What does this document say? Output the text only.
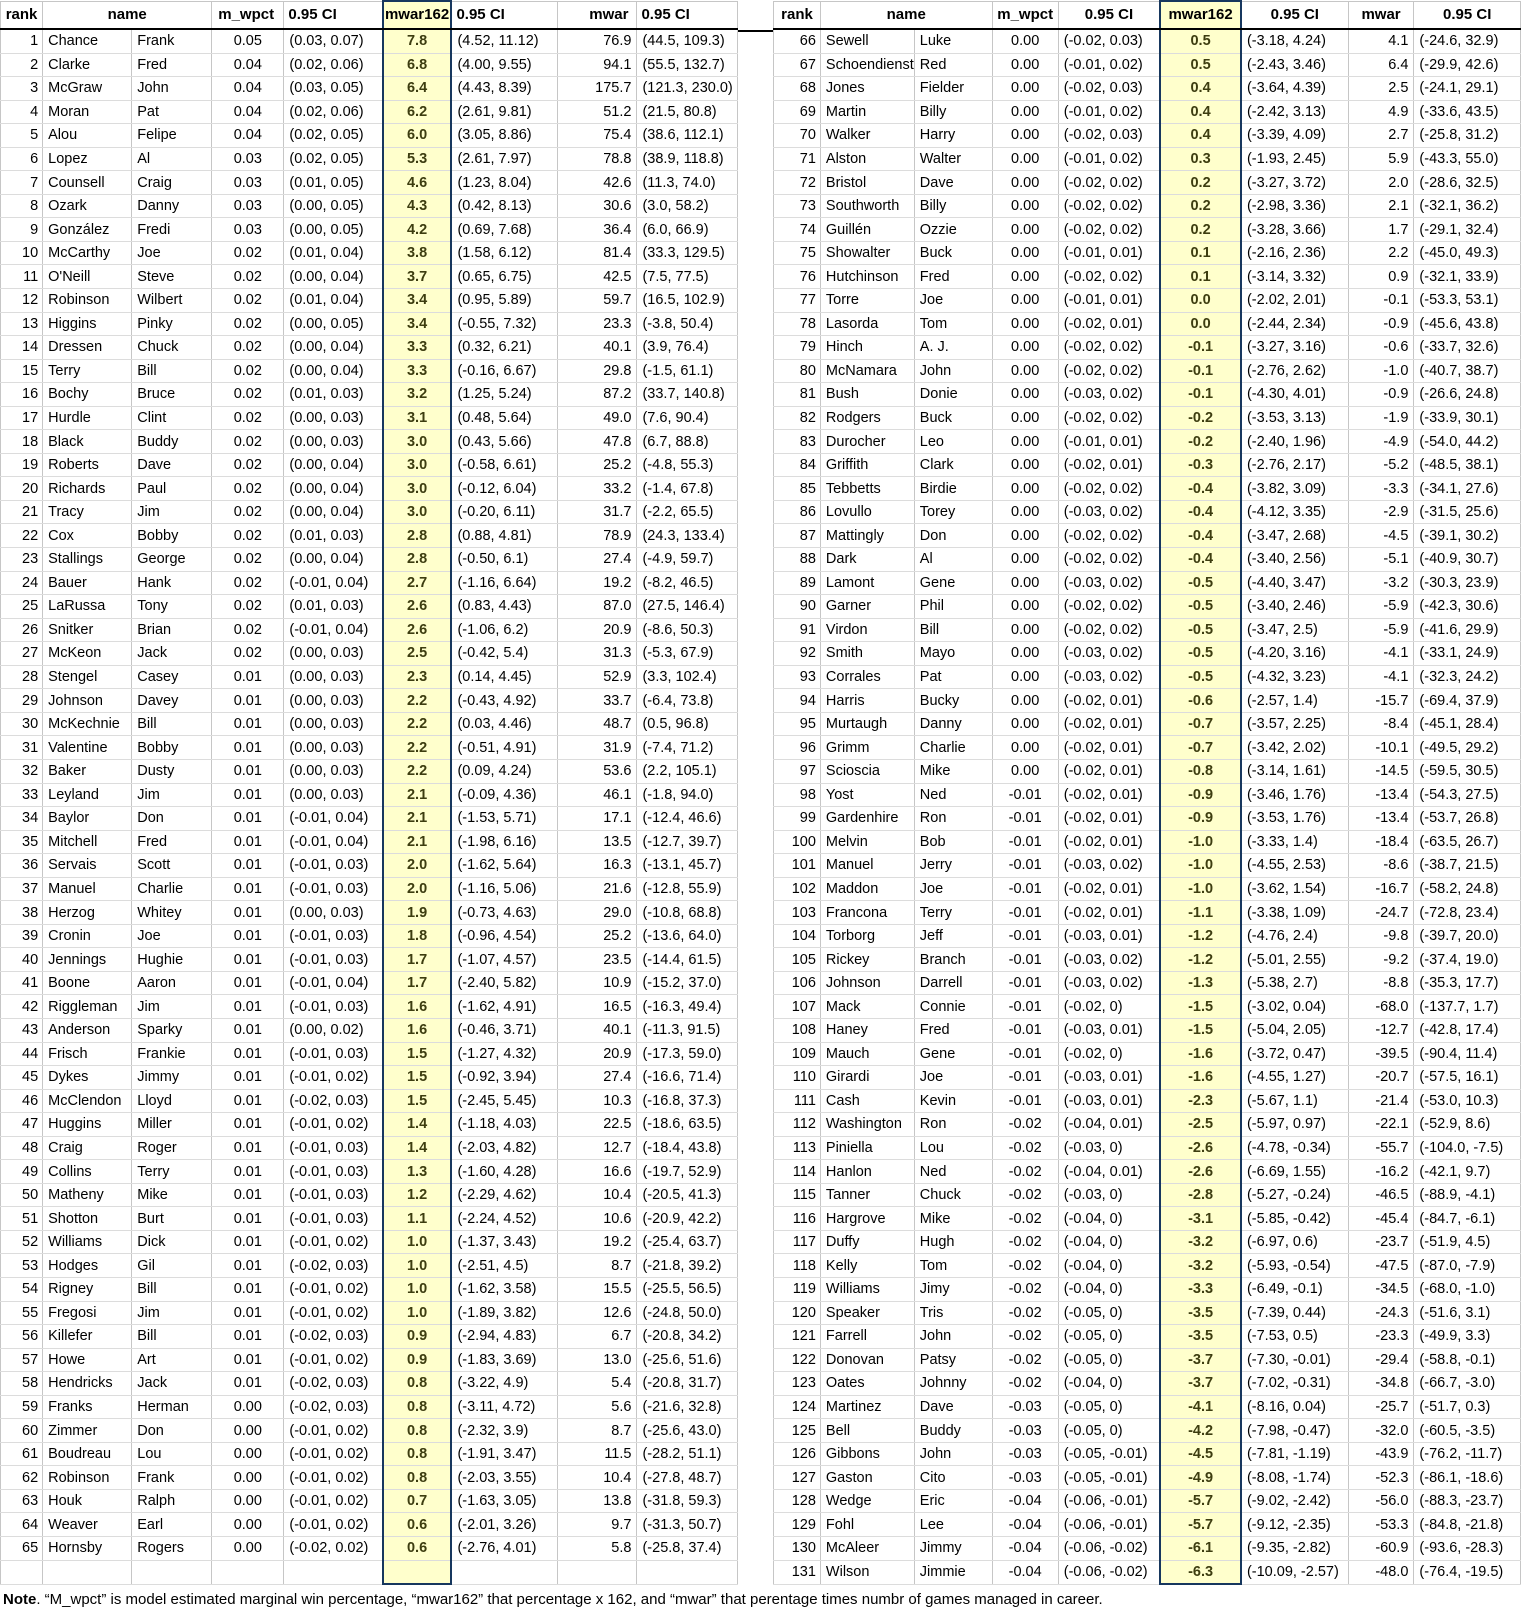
rank	name		m_wpct	0.95 CI	mwar162	0.95 CI	mwar	0.95 CI
1	Chance	Frank	0.05	(0.03, 0.07)	7.8	(4.52, 11.12)	76.9	(44.5, 109.3)
2	Clarke	Fred	0.04	(0.02, 0.06)	6.8	(4.00, 9.55)	94.1	(55.5, 132.7)
3	McGraw	John	0.04	(0.03, 0.05)	6.4	(4.43, 8.39)	175.7	(121.3, 230.0)
4	Moran	Pat	0.04	(0.02, 0.06)	6.2	(2.61, 9.81)	51.2	(21.5, 80.8)
5	Alou	Felipe	0.04	(0.02, 0.05)	6.0	(3.05, 8.86)	75.4	(38.6, 112.1)
6	Lopez	Al	0.03	(0.02, 0.05)	5.3	(2.61, 7.97)	78.8	(38.9, 118.8)
7	Counsell	Craig	0.03	(0.01, 0.05)	4.6	(1.23, 8.04)	42.6	(11.3, 74.0)
8	Ozark	Danny	0.03	(0.00, 0.05)	4.3	(0.42, 8.13)	30.6	(3.0, 58.2)
9	González	Fredi	0.03	(0.00, 0.05)	4.2	(0.69, 7.68)	36.4	(6.0, 66.9)
10	McCarthy	Joe	0.02	(0.01, 0.04)	3.8	(1.58, 6.12)	81.4	(33.3, 129.5)
11	O'Neill	Steve	0.02	(0.00, 0.04)	3.7	(0.65, 6.75)	42.5	(7.5, 77.5)
12	Robinson	Wilbert	0.02	(0.01, 0.04)	3.4	(0.95, 5.89)	59.7	(16.5, 102.9)
13	Higgins	Pinky	0.02	(0.00, 0.05)	3.4	(-0.55, 7.32)	23.3	(-3.8, 50.4)
14	Dressen	Chuck	0.02	(0.00, 0.04)	3.3	(0.32, 6.21)	40.1	(3.9, 76.4)
15	Terry	Bill	0.02	(0.00, 0.04)	3.3	(-0.16, 6.67)	29.8	(-1.5, 61.1)
16	Bochy	Bruce	0.02	(0.01, 0.03)	3.2	(1.25, 5.24)	87.2	(33.7, 140.8)
17	Hurdle	Clint	0.02	(0.00, 0.03)	3.1	(0.48, 5.64)	49.0	(7.6, 90.4)
18	Black	Buddy	0.02	(0.00, 0.03)	3.0	(0.43, 5.66)	47.8	(6.7, 88.8)
19	Roberts	Dave	0.02	(0.00, 0.04)	3.0	(-0.58, 6.61)	25.2	(-4.8, 55.3)
20	Richards	Paul	0.02	(0.00, 0.04)	3.0	(-0.12, 6.04)	33.2	(-1.4, 67.8)
21	Tracy	Jim	0.02	(0.00, 0.04)	3.0	(-0.20, 6.11)	31.7	(-2.2, 65.5)
22	Cox	Bobby	0.02	(0.01, 0.03)	2.8	(0.88, 4.81)	78.9	(24.3, 133.4)
23	Stallings	George	0.02	(0.00, 0.04)	2.8	(-0.50, 6.1)	27.4	(-4.9, 59.7)
24	Bauer	Hank	0.02	(-0.01, 0.04)	2.7	(-1.16, 6.64)	19.2	(-8.2, 46.5)
25	LaRussa	Tony	0.02	(0.01, 0.03)	2.6	(0.83, 4.43)	87.0	(27.5, 146.4)
26	Snitker	Brian	0.02	(-0.01, 0.04)	2.6	(-1.06, 6.2)	20.9	(-8.6, 50.3)
27	McKeon	Jack	0.02	(0.00, 0.03)	2.5	(-0.42, 5.4)	31.3	(-5.3, 67.9)
28	Stengel	Casey	0.01	(0.00, 0.03)	2.3	(0.14, 4.45)	52.9	(3.3, 102.4)
29	Johnson	Davey	0.01	(0.00, 0.03)	2.2	(-0.43, 4.92)	33.7	(-6.4, 73.8)
30	McKechnie	Bill	0.01	(0.00, 0.03)	2.2	(0.03, 4.46)	48.7	(0.5, 96.8)
31	Valentine	Bobby	0.01	(0.00, 0.03)	2.2	(-0.51, 4.91)	31.9	(-7.4, 71.2)
32	Baker	Dusty	0.01	(0.00, 0.03)	2.2	(0.09, 4.24)	53.6	(2.2, 105.1)
33	Leyland	Jim	0.01	(0.00, 0.03)	2.1	(-0.09, 4.36)	46.1	(-1.8, 94.0)
34	Baylor	Don	0.01	(-0.01, 0.04)	2.1	(-1.53, 5.71)	17.1	(-12.4, 46.6)
35	Mitchell	Fred	0.01	(-0.01, 0.04)	2.1	(-1.98, 6.16)	13.5	(-12.7, 39.7)
36	Servais	Scott	0.01	(-0.01, 0.03)	2.0	(-1.62, 5.64)	16.3	(-13.1, 45.7)
37	Manuel	Charlie	0.01	(-0.01, 0.03)	2.0	(-1.16, 5.06)	21.6	(-12.8, 55.9)
38	Herzog	Whitey	0.01	(0.00, 0.03)	1.9	(-0.73, 4.63)	29.0	(-10.8, 68.8)
39	Cronin	Joe	0.01	(-0.01, 0.03)	1.8	(-0.96, 4.54)	25.2	(-13.6, 64.0)
40	Jennings	Hughie	0.01	(-0.01, 0.03)	1.7	(-1.07, 4.57)	23.5	(-14.4, 61.5)
41	Boone	Aaron	0.01	(-0.01, 0.04)	1.7	(-2.40, 5.82)	10.9	(-15.2, 37.0)
42	Riggleman	Jim	0.01	(-0.01, 0.03)	1.6	(-1.62, 4.91)	16.5	(-16.3, 49.4)
43	Anderson	Sparky	0.01	(0.00, 0.02)	1.6	(-0.46, 3.71)	40.1	(-11.3, 91.5)
44	Frisch	Frankie	0.01	(-0.01, 0.03)	1.5	(-1.27, 4.32)	20.9	(-17.3, 59.0)
45	Dykes	Jimmy	0.01	(-0.01, 0.02)	1.5	(-0.92, 3.94)	27.4	(-16.6, 71.4)
46	McClendon	Lloyd	0.01	(-0.02, 0.03)	1.5	(-2.45, 5.45)	10.3	(-16.8, 37.3)
47	Huggins	Miller	0.01	(-0.01, 0.02)	1.4	(-1.18, 4.03)	22.5	(-18.6, 63.5)
48	Craig	Roger	0.01	(-0.01, 0.03)	1.4	(-2.03, 4.82)	12.7	(-18.4, 43.8)
49	Collins	Terry	0.01	(-0.01, 0.03)	1.3	(-1.60, 4.28)	16.6	(-19.7, 52.9)
50	Matheny	Mike	0.01	(-0.01, 0.03)	1.2	(-2.29, 4.62)	10.4	(-20.5, 41.3)
51	Shotton	Burt	0.01	(-0.01, 0.03)	1.1	(-2.24, 4.52)	10.6	(-20.9, 42.2)
52	Williams	Dick	0.01	(-0.01, 0.02)	1.0	(-1.37, 3.43)	19.2	(-25.4, 63.7)
53	Hodges	Gil	0.01	(-0.02, 0.03)	1.0	(-2.51, 4.5)	8.7	(-21.8, 39.2)
54	Rigney	Bill	0.01	(-0.01, 0.02)	1.0	(-1.62, 3.58)	15.5	(-25.5, 56.5)
55	Fregosi	Jim	0.01	(-0.01, 0.02)	1.0	(-1.89, 3.82)	12.6	(-24.8, 50.0)
56	Killefer	Bill	0.01	(-0.02, 0.03)	0.9	(-2.94, 4.83)	6.7	(-20.8, 34.2)
57	Howe	Art	0.01	(-0.01, 0.02)	0.9	(-1.83, 3.69)	13.0	(-25.6, 51.6)
58	Hendricks	Jack	0.01	(-0.02, 0.03)	0.8	(-3.22, 4.9)	5.4	(-20.8, 31.7)
59	Franks	Herman	0.00	(-0.02, 0.03)	0.8	(-3.11, 4.72)	5.6	(-21.6, 32.8)
60	Zimmer	Don	0.00	(-0.01, 0.02)	0.8	(-2.32, 3.9)	8.7	(-25.6, 43.0)
61	Boudreau	Lou	0.00	(-0.01, 0.02)	0.8	(-1.91, 3.47)	11.5	(-28.2, 51.1)
62	Robinson	Frank	0.00	(-0.01, 0.02)	0.8	(-2.03, 3.55)	10.4	(-27.8, 48.7)
63	Houk	Ralph	0.00	(-0.01, 0.02)	0.7	(-1.63, 3.05)	13.8	(-31.8, 59.3)
64	Weaver	Earl	0.00	(-0.01, 0.02)	0.6	(-2.01, 3.26)	9.7	(-31.3, 50.7)
65	Hornsby	Rogers	0.00	(-0.02, 0.02)	0.6	(-2.76, 4.01)	5.8	(-25.8, 37.4)

rank	name		m_wpct	0.95 CI	mwar162	0.95 CI	mwar	0.95 CI
66	Sewell	Luke	0.00	(-0.02, 0.03)	0.5	(-3.18, 4.24)	4.1	(-24.6, 32.9)
67	Schoendienst	Red	0.00	(-0.01, 0.02)	0.5	(-2.43, 3.46)	6.4	(-29.9, 42.6)
68	Jones	Fielder	0.00	(-0.02, 0.03)	0.4	(-3.64, 4.39)	2.5	(-24.1, 29.1)
69	Martin	Billy	0.00	(-0.01, 0.02)	0.4	(-2.42, 3.13)	4.9	(-33.6, 43.5)
70	Walker	Harry	0.00	(-0.02, 0.03)	0.4	(-3.39, 4.09)	2.7	(-25.8, 31.2)
71	Alston	Walter	0.00	(-0.01, 0.02)	0.3	(-1.93, 2.45)	5.9	(-43.3, 55.0)
72	Bristol	Dave	0.00	(-0.02, 0.02)	0.2	(-3.27, 3.72)	2.0	(-28.6, 32.5)
73	Southworth	Billy	0.00	(-0.02, 0.02)	0.2	(-2.98, 3.36)	2.1	(-32.1, 36.2)
74	Guillén	Ozzie	0.00	(-0.02, 0.02)	0.2	(-3.28, 3.66)	1.7	(-29.1, 32.4)
75	Showalter	Buck	0.00	(-0.01, 0.01)	0.1	(-2.16, 2.36)	2.2	(-45.0, 49.3)
76	Hutchinson	Fred	0.00	(-0.02, 0.02)	0.1	(-3.14, 3.32)	0.9	(-32.1, 33.9)
77	Torre	Joe	0.00	(-0.01, 0.01)	0.0	(-2.02, 2.01)	-0.1	(-53.3, 53.1)
78	Lasorda	Tom	0.00	(-0.02, 0.01)	0.0	(-2.44, 2.34)	-0.9	(-45.6, 43.8)
79	Hinch	A. J.	0.00	(-0.02, 0.02)	-0.1	(-3.27, 3.16)	-0.6	(-33.7, 32.6)
80	McNamara	John	0.00	(-0.02, 0.02)	-0.1	(-2.76, 2.62)	-1.0	(-40.7, 38.7)
81	Bush	Donie	0.00	(-0.03, 0.02)	-0.1	(-4.30, 4.01)	-0.9	(-26.6, 24.8)
82	Rodgers	Buck	0.00	(-0.02, 0.02)	-0.2	(-3.53, 3.13)	-1.9	(-33.9, 30.1)
83	Durocher	Leo	0.00	(-0.01, 0.01)	-0.2	(-2.40, 1.96)	-4.9	(-54.0, 44.2)
84	Griffith	Clark	0.00	(-0.02, 0.01)	-0.3	(-2.76, 2.17)	-5.2	(-48.5, 38.1)
85	Tebbetts	Birdie	0.00	(-0.02, 0.02)	-0.4	(-3.82, 3.09)	-3.3	(-34.1, 27.6)
86	Lovullo	Torey	0.00	(-0.03, 0.02)	-0.4	(-4.12, 3.35)	-2.9	(-31.5, 25.6)
87	Mattingly	Don	0.00	(-0.02, 0.02)	-0.4	(-3.47, 2.68)	-4.5	(-39.1, 30.2)
88	Dark	Al	0.00	(-0.02, 0.02)	-0.4	(-3.40, 2.56)	-5.1	(-40.9, 30.7)
89	Lamont	Gene	0.00	(-0.03, 0.02)	-0.5	(-4.40, 3.47)	-3.2	(-30.3, 23.9)
90	Garner	Phil	0.00	(-0.02, 0.02)	-0.5	(-3.40, 2.46)	-5.9	(-42.3, 30.6)
91	Virdon	Bill	0.00	(-0.02, 0.02)	-0.5	(-3.47, 2.5)	-5.9	(-41.6, 29.9)
92	Smith	Mayo	0.00	(-0.03, 0.02)	-0.5	(-4.20, 3.16)	-4.1	(-33.1, 24.9)
93	Corrales	Pat	0.00	(-0.03, 0.02)	-0.5	(-4.32, 3.23)	-4.1	(-32.3, 24.2)
94	Harris	Bucky	0.00	(-0.02, 0.01)	-0.6	(-2.57, 1.4)	-15.7	(-69.4, 37.9)
95	Murtaugh	Danny	0.00	(-0.02, 0.01)	-0.7	(-3.57, 2.25)	-8.4	(-45.1, 28.4)
96	Grimm	Charlie	0.00	(-0.02, 0.01)	-0.7	(-3.42, 2.02)	-10.1	(-49.5, 29.2)
97	Scioscia	Mike	0.00	(-0.02, 0.01)	-0.8	(-3.14, 1.61)	-14.5	(-59.5, 30.5)
98	Yost	Ned	-0.01	(-0.02, 0.01)	-0.9	(-3.46, 1.76)	-13.4	(-54.3, 27.5)
99	Gardenhire	Ron	-0.01	(-0.02, 0.01)	-0.9	(-3.53, 1.76)	-13.4	(-53.7, 26.8)
100	Melvin	Bob	-0.01	(-0.02, 0.01)	-1.0	(-3.33, 1.4)	-18.4	(-63.5, 26.7)
101	Manuel	Jerry	-0.01	(-0.03, 0.02)	-1.0	(-4.55, 2.53)	-8.6	(-38.7, 21.5)
102	Maddon	Joe	-0.01	(-0.02, 0.01)	-1.0	(-3.62, 1.54)	-16.7	(-58.2, 24.8)
103	Francona	Terry	-0.01	(-0.02, 0.01)	-1.1	(-3.38, 1.09)	-24.7	(-72.8, 23.4)
104	Torborg	Jeff	-0.01	(-0.03, 0.01)	-1.2	(-4.76, 2.4)	-9.8	(-39.7, 20.0)
105	Rickey	Branch	-0.01	(-0.03, 0.02)	-1.2	(-5.01, 2.55)	-9.2	(-37.4, 19.0)
106	Johnson	Darrell	-0.01	(-0.03, 0.02)	-1.3	(-5.38, 2.7)	-8.8	(-35.3, 17.7)
107	Mack	Connie	-0.01	(-0.02, 0)	-1.5	(-3.02, 0.04)	-68.0	(-137.7, 1.7)
108	Haney	Fred	-0.01	(-0.03, 0.01)	-1.5	(-5.04, 2.05)	-12.7	(-42.8, 17.4)
109	Mauch	Gene	-0.01	(-0.02, 0)	-1.6	(-3.72, 0.47)	-39.5	(-90.4, 11.4)
110	Girardi	Joe	-0.01	(-0.03, 0.01)	-1.6	(-4.55, 1.27)	-20.7	(-57.5, 16.1)
111	Cash	Kevin	-0.01	(-0.03, 0.01)	-2.3	(-5.67, 1.1)	-21.4	(-53.0, 10.3)
112	Washington	Ron	-0.02	(-0.04, 0.01)	-2.5	(-5.97, 0.97)	-22.1	(-52.9, 8.6)
113	Piniella	Lou	-0.02	(-0.03, 0)	-2.6	(-4.78, -0.34)	-55.7	(-104.0, -7.5)
114	Hanlon	Ned	-0.02	(-0.04, 0.01)	-2.6	(-6.69, 1.55)	-16.2	(-42.1, 9.7)
115	Tanner	Chuck	-0.02	(-0.03, 0)	-2.8	(-5.27, -0.24)	-46.5	(-88.9, -4.1)
116	Hargrove	Mike	-0.02	(-0.04, 0)	-3.1	(-5.85, -0.42)	-45.4	(-84.7, -6.1)
117	Duffy	Hugh	-0.02	(-0.04, 0)	-3.2	(-6.97, 0.6)	-23.7	(-51.9, 4.5)
118	Kelly	Tom	-0.02	(-0.04, 0)	-3.2	(-5.93, -0.54)	-47.5	(-87.0, -7.9)
119	Williams	Jimy	-0.02	(-0.04, 0)	-3.3	(-6.49, -0.1)	-34.5	(-68.0, -1.0)
120	Speaker	Tris	-0.02	(-0.05, 0)	-3.5	(-7.39, 0.44)	-24.3	(-51.6, 3.1)
121	Farrell	John	-0.02	(-0.05, 0)	-3.5	(-7.53, 0.5)	-23.3	(-49.9, 3.3)
122	Donovan	Patsy	-0.02	(-0.05, 0)	-3.7	(-7.30, -0.01)	-29.4	(-58.8, -0.1)
123	Oates	Johnny	-0.02	(-0.04, 0)	-3.7	(-7.02, -0.31)	-34.8	(-66.7, -3.0)
124	Martinez	Dave	-0.03	(-0.05, 0)	-4.1	(-8.16, 0.04)	-25.7	(-51.7, 0.3)
125	Bell	Buddy	-0.03	(-0.05, 0)	-4.2	(-7.98, -0.47)	-32.0	(-60.5, -3.5)
126	Gibbons	John	-0.03	(-0.05, -0.01)	-4.5	(-7.81, -1.19)	-43.9	(-76.2, -11.7)
127	Gaston	Cito	-0.03	(-0.05, -0.01)	-4.9	(-8.08, -1.74)	-52.3	(-86.1, -18.6)
128	Wedge	Eric	-0.04	(-0.06, -0.01)	-5.7	(-9.02, -2.42)	-56.0	(-88.3, -23.7)
129	Fohl	Lee	-0.04	(-0.06, -0.01)	-5.7	(-9.12, -2.35)	-53.3	(-84.8, -21.8)
130	McAleer	Jimmy	-0.04	(-0.06, -0.02)	-6.1	(-9.35, -2.82)	-60.9	(-93.6, -28.3)
131	Wilson	Jimmie	-0.04	(-0.06, -0.02)	-6.3	(-10.09, -2.57)	-48.0	(-76.4, -19.5)
Note. “M_wpct” is model estimated marginal win percentage, “mwar162” that percentage x 162, and “mwar” that perentage times numbr of games managed in career.
